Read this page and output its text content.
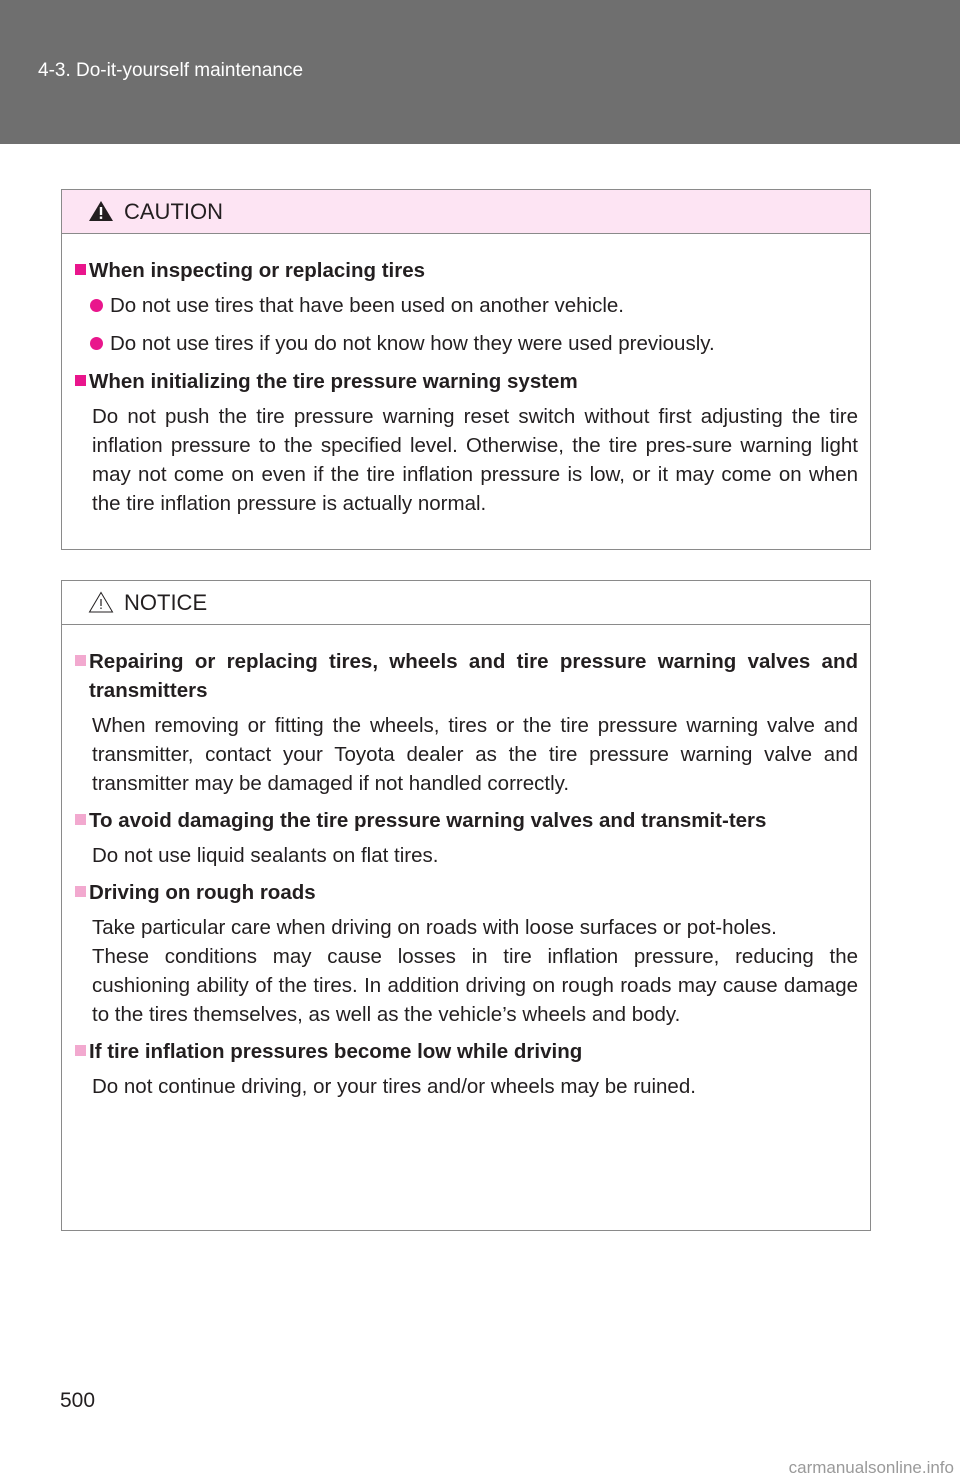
4-3. Do-it-yourself maintenance
CAUTION
When inspecting or replacing tires
Do not use tires that have been used on another vehicle.
Do not use tires if you do not know how they were used previously.
When initializing the tire pressure warning system
Do not push the tire pressure warning reset switch without first adjusting the tire inflation pressure to the specified level. Otherwise, the tire pres-sure warning light may not come on even if the tire inflation pressure is low, or it may come on when the tire inflation pressure is actually normal.
NOTICE
Repairing or replacing tires, wheels and tire pressure warning valves and transmitters
When removing or fitting the wheels, tires or the tire pressure warning valve and transmitter, contact your Toyota dealer as the tire pressure warning valve and transmitter may be damaged if not handled correctly.
To avoid damaging the tire pressure warning valves and transmit-ters
Do not use liquid sealants on flat tires.
Driving on rough roads
Take particular care when driving on roads with loose surfaces or pot-holes.
These conditions may cause losses in tire inflation pressure, reducing the cushioning ability of the tires. In addition driving on rough roads may cause damage to the tires themselves, as well as the vehicle’s wheels and body.
If tire inflation pressures become low while driving
Do not continue driving, or your tires and/or wheels may be ruined.
500
carmanualsonline.info
